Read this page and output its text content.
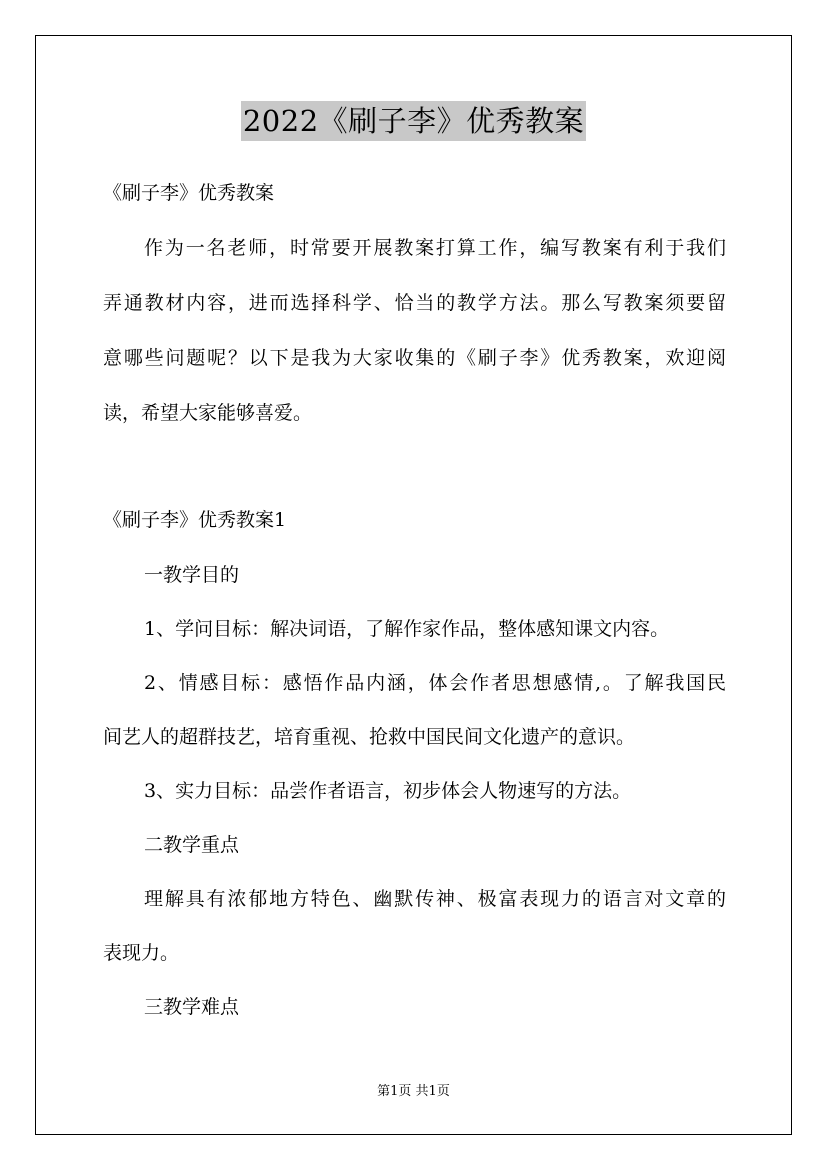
2022《刷子李》优秀教案
《刷子李》优秀教案
作为一名老师，时常要开展教案打算工作，编写教案有利于我们
弄通教材内容，进而选择科学、恰当的教学方法。那么写教案须要留
意哪些问题呢？以下是我为大家收集的《刷子李》优秀教案，欢迎阅
读，希望大家能够喜爱。
《刷子李》优秀教案1
一教学目的
1、学问目标：解决词语，了解作家作品，整体感知课文内容。
2、情感目标：感悟作品内涵，体会作者思想感情,。了解我国民
间艺人的超群技艺，培育重视、抢救中国民间文化遗产的意识。
3、实力目标：品尝作者语言，初步体会人物速写的方法。
二教学重点
理解具有浓郁地方特色、幽默传神、极富表现力的语言对文章的
表现力。
三教学难点
第1页 共1页
